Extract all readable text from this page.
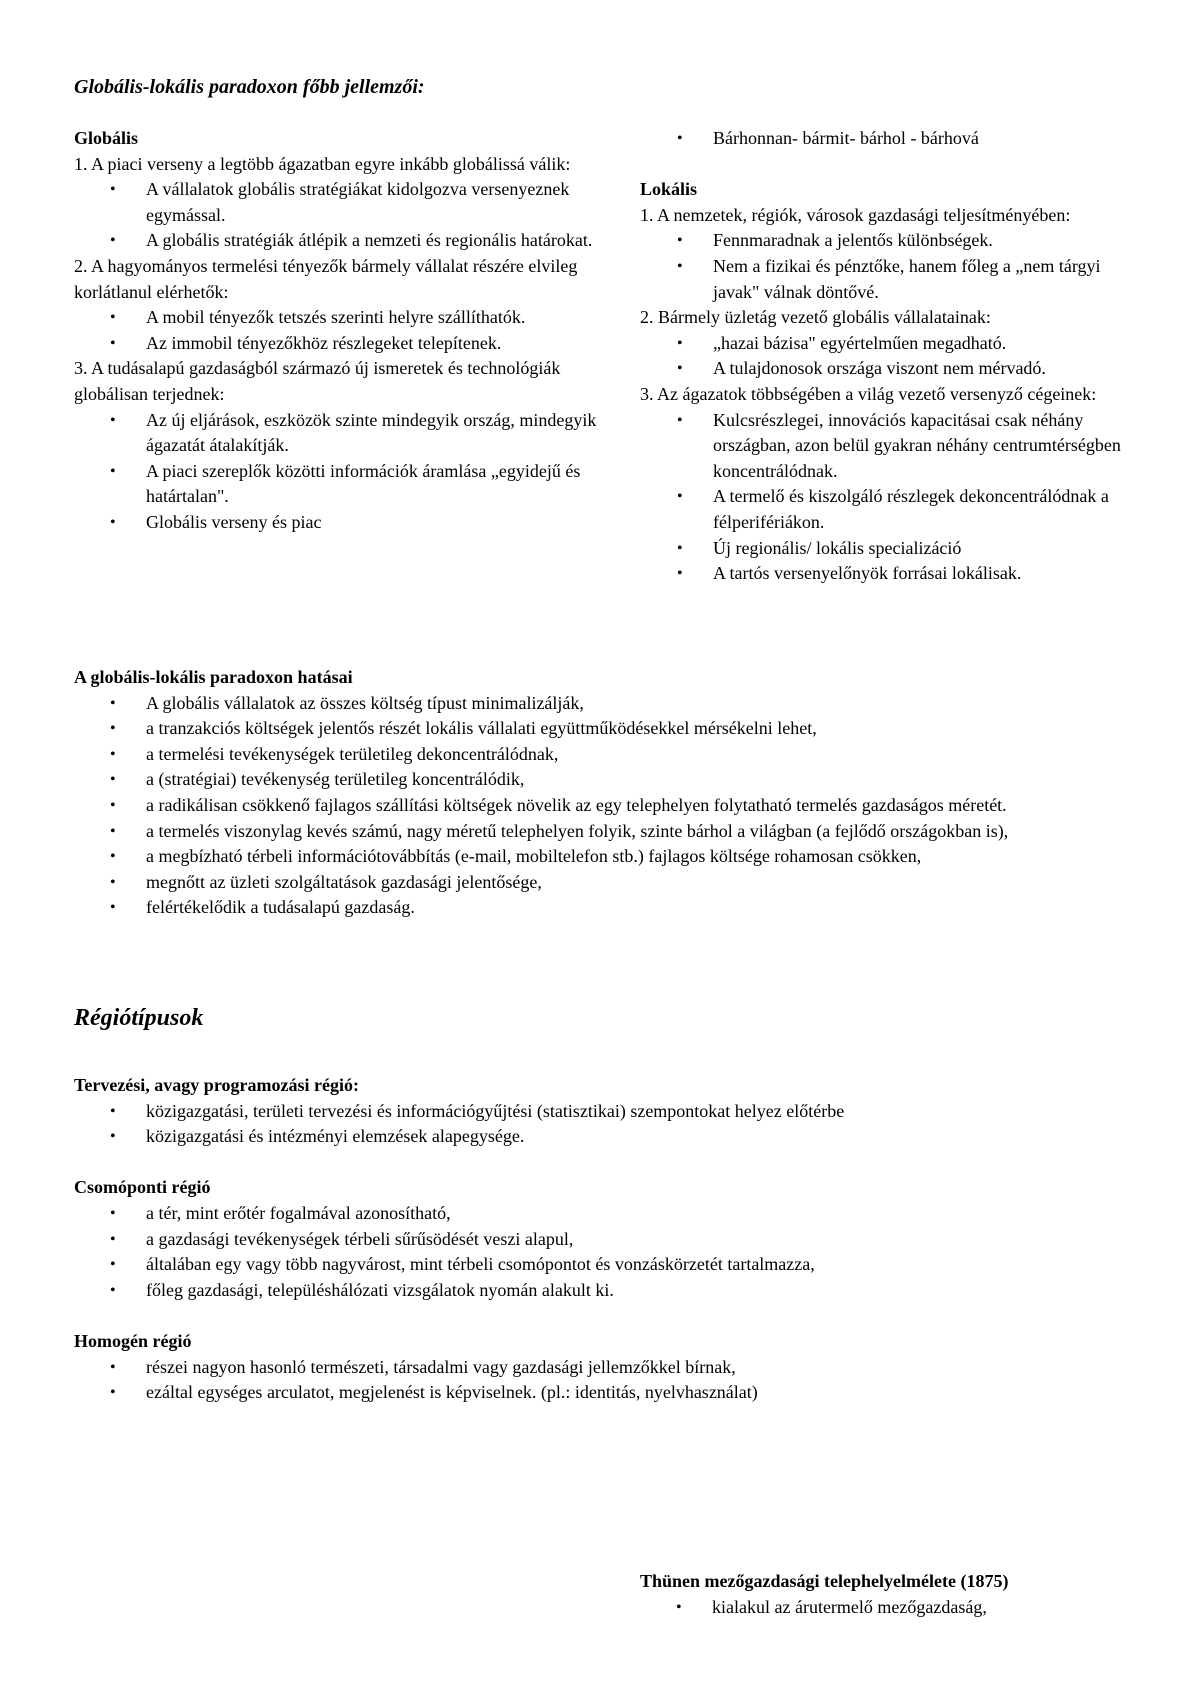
Globális-lokális paradoxon főbb jellemzői:

Globális

1. A piaci verseny a legtöbb ágazatban egyre inkább globálissá válik:

• A vállalatok globális stratégiákat kidolgozva versenyeznek egymással.
• A globális stratégiák átlépik a nemzeti és regionális határokat.

2. A hagyományos termelési tényezők bármely vállalat részére elvileg korlátlanul elérhetők:

• A mobil tényezők tetszés szerinti helyre szállíthatók.
• Az immobil tényezőkhöz részlegeket telepítenek.

3. A tudásalapú gazdaságból származó új ismeretek és technológiák globálisan terjednek:

• Az új eljárások, eszközök szinte mindegyik ország, mindegyik ágazatát átalakítják.
• A piaci szereplők közötti információk áramlása „egyidejű és határtalan".
• Globális verseny és piac
• Bárhonnan- bármit- bárhol - bárhová

Lokális

1. A nemzetek, régiók, városok gazdasági teljesítményében:

• Fennmaradnak a jelentős különbségek.
• Nem a fizikai és pénztőke, hanem főleg a „nem tárgyi javak" válnak döntővé.

2. Bármely üzletág vezető globális vállalatainak:

• „hazai bázisa" egyértelműen megadható.
• A tulajdonosok országa viszont nem mérvadó.

3. Az ágazatok többségében a világ vezető versenyző cégeinek:

• Kulcsrészlegei, innovációs kapacitásai csak néhány országban, azon belül gyakran néhány centrumtérségben koncentrálódnak.
• A termelő és kiszolgáló részlegek dekoncentrálódnak a félperifériákon.
• Új regionális/ lokális specializáció
• A tartós versenyelőnyök forrásai lokálisak.

A globális-lokális paradoxon hatásai

• A globális vállalatok az összes költség típust minimalizálják,
• a tranzakciós költségek jelentős részét lokális vállalati együttműködésekkel mérsékelni lehet,
• a termelési tevékenységek területileg dekoncentrálódnak,
• a (stratégiai) tevékenység területileg koncentrálódik,
• a radikálisan csökkenő fajlagos szállítási költségek növelik az egy telephelyen folytatható termelés gazdaságos méretét.
• a termelés viszonylag kevés számú, nagy méretű telephelyen folyik, szinte bárhol a világban (a fejlődő országokban is),
• a megbízható térbeli információtovábbítás (e-mail, mobiltelefon stb.) fajlagos költsége rohamosan csökken,
• megnőtt az üzleti szolgáltatások gazdasági jelentősége,
• felértékelődik a tudásalapú gazdaság.
Régiótípusok

Tervezési, avagy programozási régió:

• közigazgatási, területi tervezési és információgyűjtési (statisztikai) szempontokat helyez előtérbe
• közigazgatási és intézményi elemzések alapegysége.

Csomóponti régió

• a tér, mint erőtér fogalmával azonosítható,
• a gazdasági tevékenységek térbeli sűrűsödését veszi alapul,
• általában egy vagy több nagyvárost, mint térbeli csomópontot és vonzáskörzetét tartalmazza,
• főleg gazdasági, településhálózati vizsgálatok nyomán alakult ki.

Homogén régió

• részei nagyon hasonló természeti, társadalmi vagy gazdasági jellemzőkkel bírnak,
• ezáltal egységes arculatot, megjelenést is képviselnek. (pl.: identitás, nyelvhasználat)

Thünen mezőgazdasági telephelyelmélete (1875)

• kialakul az árutermelő mezőgazdaság,
